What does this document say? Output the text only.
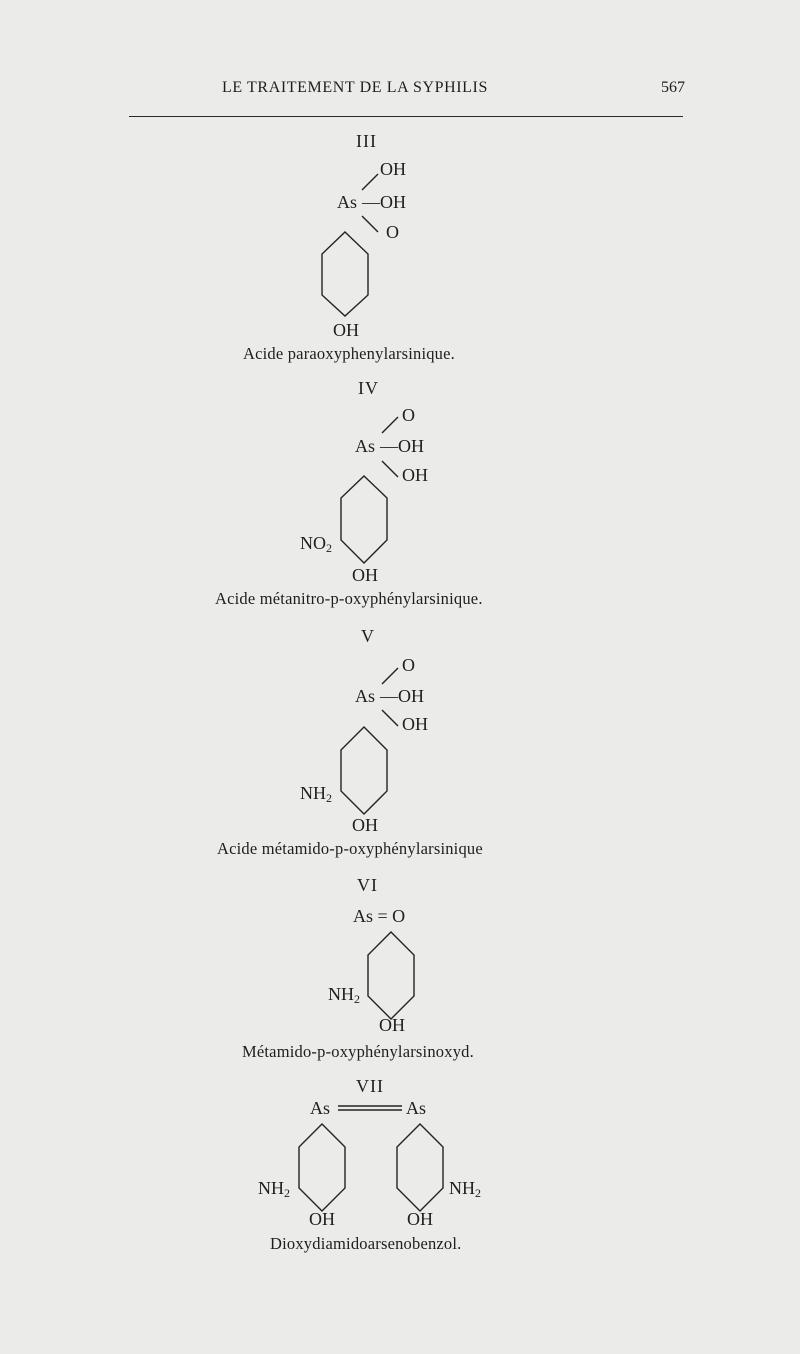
LE TRAITEMENT DE LA SYPHILIS	567
III
OH
As —OH
O
OH
Acide paraoxyphenylarsinique.
IV
O
As —OH
OH
$NO_2$
OH
Acide métanitro-p-oxyphénylarsinique.
V
O
As —OH
OH
$NH_2$
OH
Acide métamido-p-oxyphénylarsinique
VI
As = O
$NH_2$
OH
Métamido-p-oxyphénylarsinoxyd.
VII
As	As
$NH_2$	$NH_2$
OH	OH
Dioxydiamidoarsenobenzol.
